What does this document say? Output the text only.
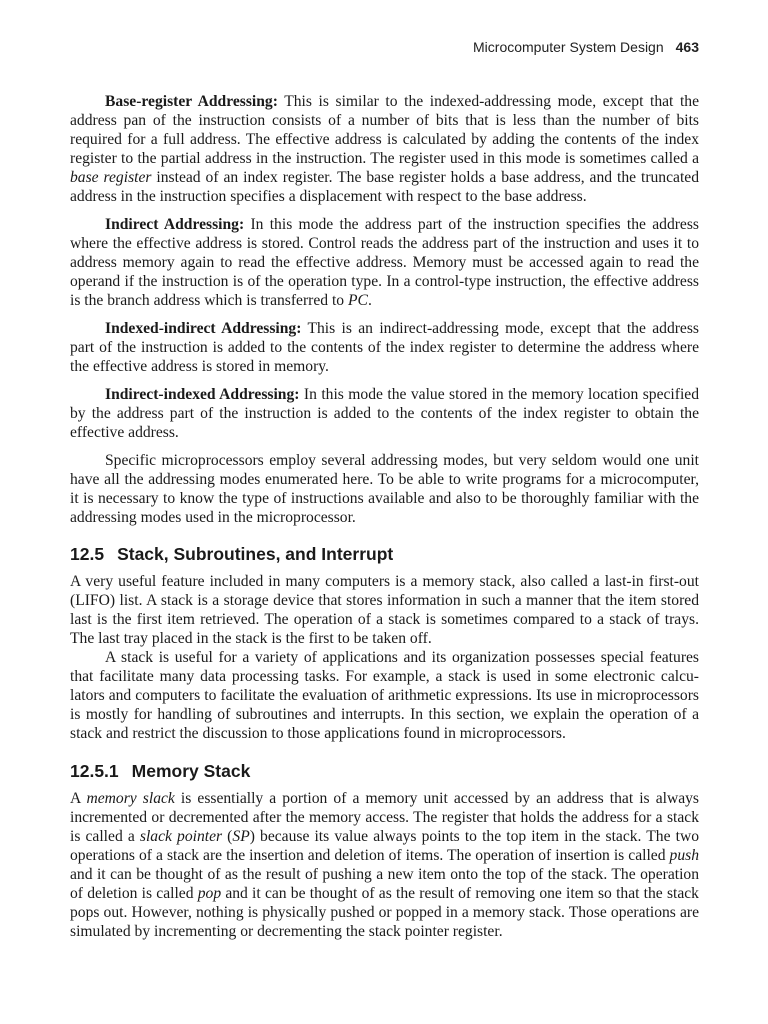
Microcomputer System Design 463

Base-register Addressing: This is similar to the indexed-addressing mode, except that the address pan of the instruction consists of a number of bits that is less than the number of bits required for a full address. The effective address is calculated by adding the contents of the index register to the partial address in the instruction. The register used in this mode is sometimes called a base register instead of an index register. The base register holds a base address, and the truncated address in the instruction specifies a displacement with respect to the base address.

Indirect Addressing: In this mode the address part of the instruction specifies the address where the effective address is stored. Control reads the address part of the instruction and uses it to address memory again to read the effective address. Memory must be accessed again to read the operand if the instruction is of the operation type. In a control-type instruction, the effective address is the branch address which is transferred to PC.

Indexed-indirect Addressing: This is an indirect-addressing mode, except that the address part of the instruction is added to the contents of the index register to determine the address where the effective address is stored in memory.

Indirect-indexed Addressing: In this mode the value stored in the memory location specified by the address part of the instruction is added to the contents of the index register to obtain the effective address.

Specific microprocessors employ several addressing modes, but very seldom would one unit have all the addressing modes enumerated here. To be able to write programs for a microcomputer, it is necessary to know the type of instructions available and also to be thoroughly familiar with the addressing modes used in the microprocessor.

12.5 Stack, Subroutines, and Interrupt

A very useful feature included in many computers is a memory stack, also called a last-in first-out (LIFO) list. A stack is a storage device that stores information in such a manner that the item stored last is the first item retrieved. The operation of a stack is sometimes compared to a stack of trays. The last tray placed in the stack is the first to be taken off.

A stack is useful for a variety of applications and its organization possesses special features that facilitate many data processing tasks. For example, a stack is used in some electronic calculators and computers to facilitate the evaluation of arithmetic expressions. Its use in microprocessors is mostly for handling of subroutines and interrupts. In this section, we explain the operation of a stack and restrict the discussion to those applications found in microprocessors.

12.5.1 Memory Stack

A memory slack is essentially a portion of a memory unit accessed by an address that is always incremented or decremented after the memory access. The register that holds the address for a stack is called a slack pointer (SP) because its value always points to the top item in the stack. The two operations of a stack are the insertion and deletion of items. The operation of insertion is called push and it can be thought of as the result of pushing a new item onto the top of the stack. The operation of deletion is called pop and it can be thought of as the result of removing one item so that the stack pops out. However, nothing is physically pushed or popped in a memory stack. Those operations are simulated by incrementing or decrementing the stack pointer register.
